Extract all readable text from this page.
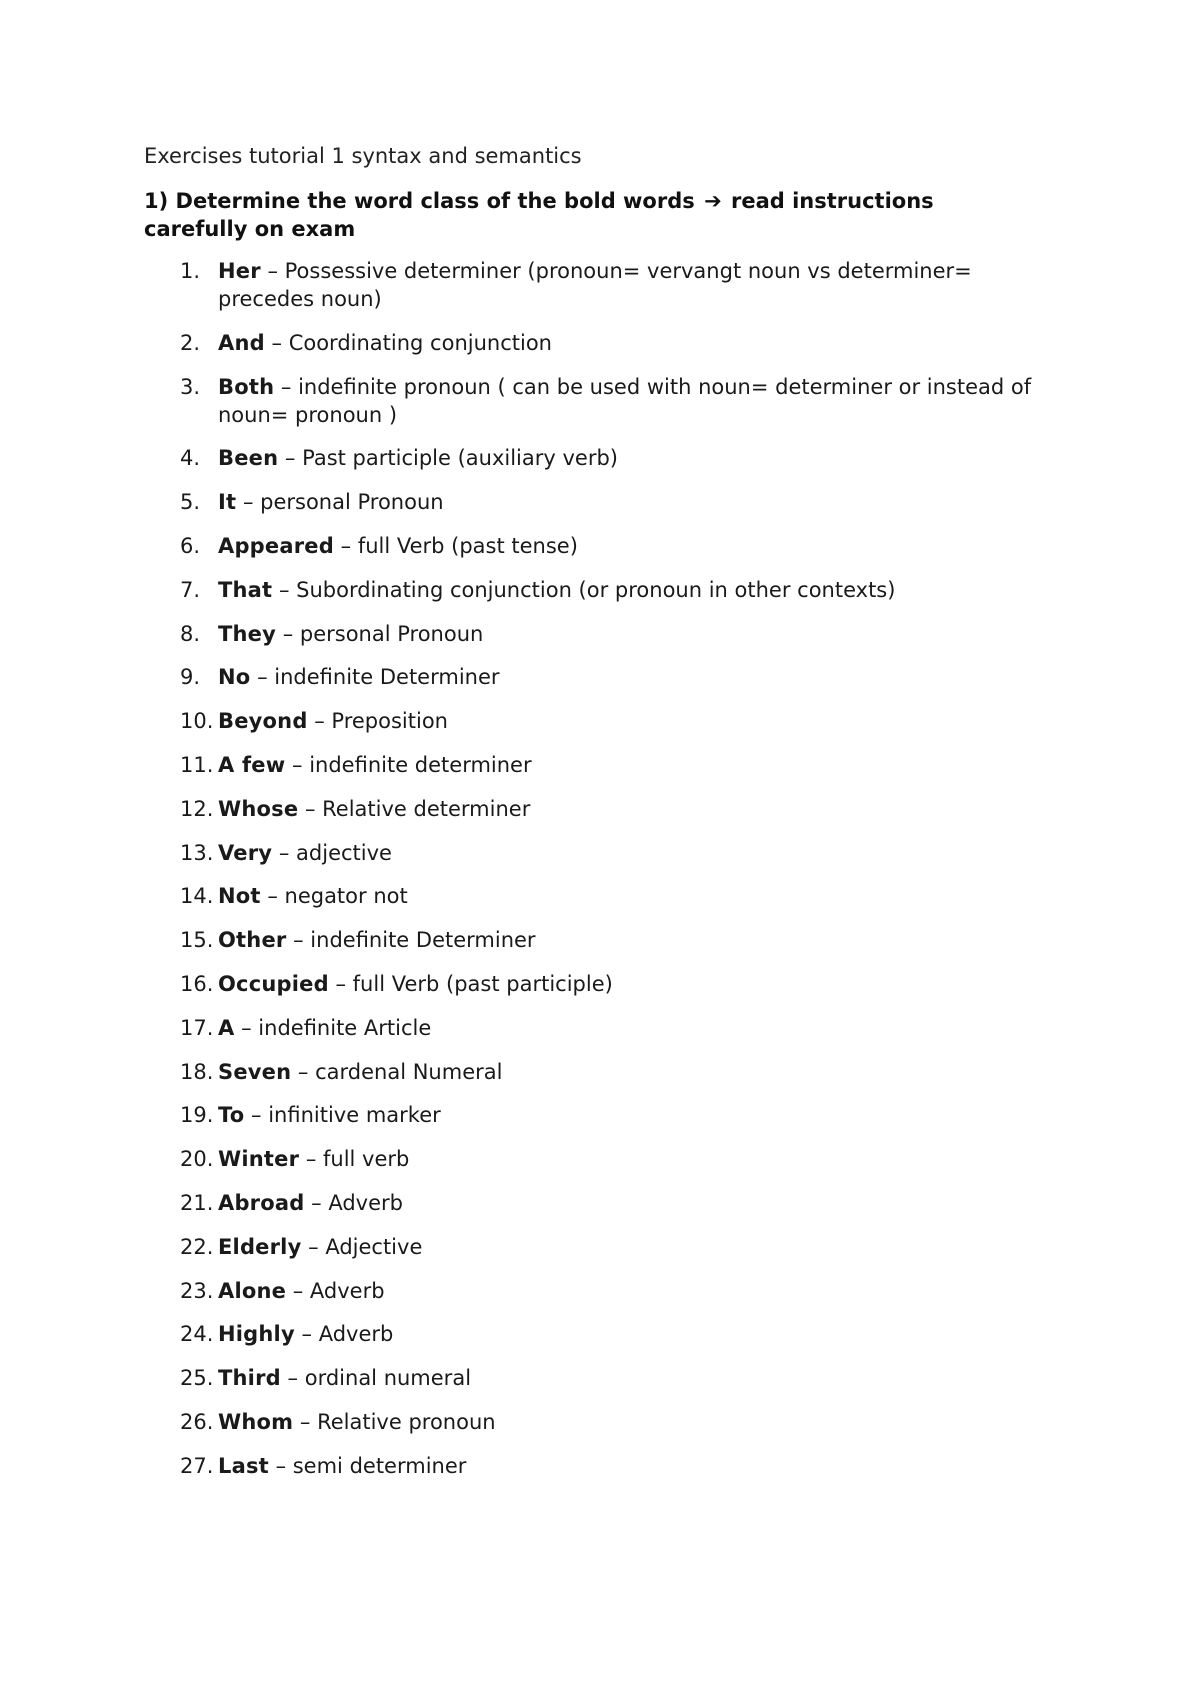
Exercises tutorial 1 syntax and semantics
1) Determine the word class of the bold words ➔ read instructions carefully on exam
1. Her – Possessive determiner (pronoun= vervangt noun vs determiner= precedes noun)
2. And – Coordinating conjunction
3. Both – indefinite pronoun ( can be used with noun= determiner or instead of noun= pronoun )
4. Been – Past participle (auxiliary verb)
5. It – personal Pronoun
6. Appeared – full Verb (past tense)
7. That – Subordinating conjunction (or pronoun in other contexts)
8. They – personal Pronoun
9. No – indefinite Determiner
10. Beyond – Preposition
11. A few – indefinite determiner
12. Whose – Relative determiner
13. Very – adjective
14. Not – negator not
15. Other – indefinite Determiner
16. Occupied – full Verb (past participle)
17. A – indefinite Article
18. Seven – cardenal Numeral
19. To – infinitive marker
20. Winter – full verb
21. Abroad – Adverb
22. Elderly – Adjective
23. Alone – Adverb
24. Highly – Adverb
25. Third – ordinal numeral
26. Whom – Relative pronoun
27. Last – semi determiner
